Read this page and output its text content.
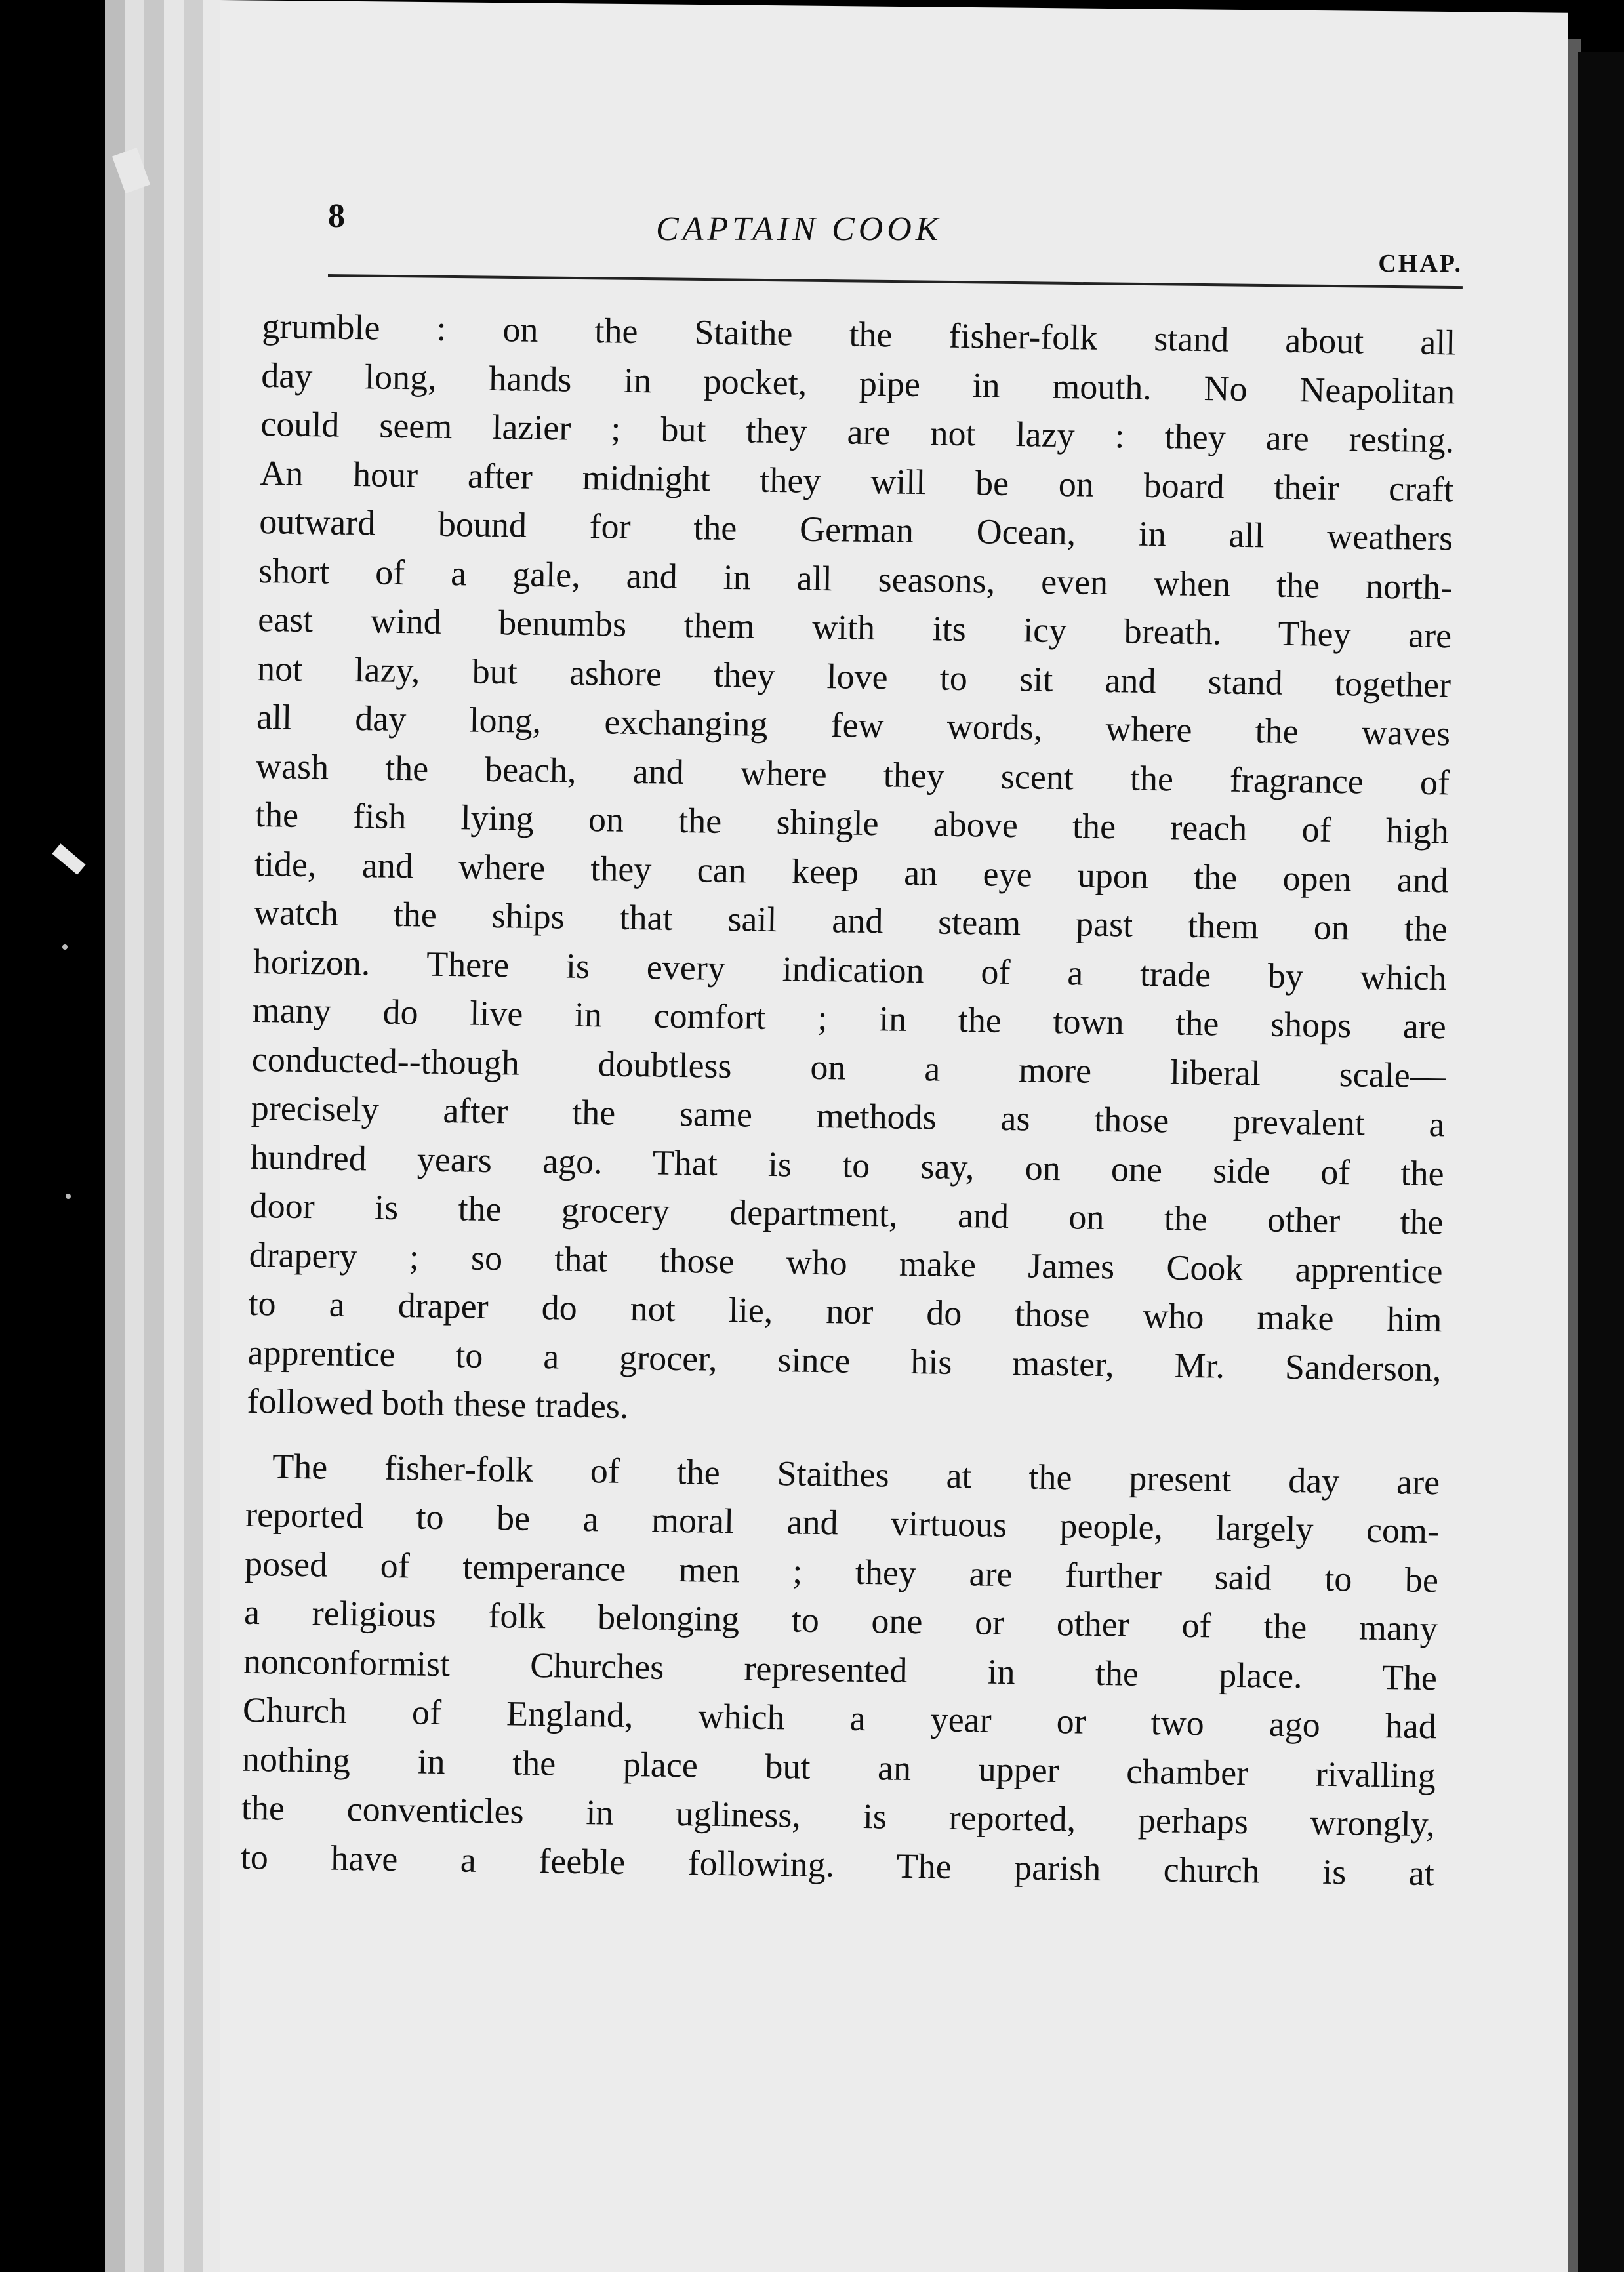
8	CAPTAIN COOK
CHAP.
grumble : on the Staithe the fisher-folk stand about all
day long, hands in pocket, pipe in mouth. No Neapolitan
could seem lazier ; but they are not lazy : they are resting.
An hour after midnight they will be on board their craft
outward bound for the German Ocean, in all weathers
short of a gale, and in all seasons, even when the north-
east wind benumbs them with its icy breath. They are
not lazy, but ashore they love to sit and stand together
all day long, exchanging few words, where the waves
wash the beach, and where they scent the fragrance of
the fish lying on the shingle above the reach of high
tide, and where they can keep an eye upon the open and
watch the ships that sail and steam past them on the
horizon. There is every indication of a trade by which
many do live in comfort ; in the town the shops are
conducted--though doubtless on a more liberal scale—
precisely after the same methods as those prevalent a
hundred years ago. That is to say, on one side of the
door is the grocery department, and on the other the
drapery ; so that those who make James Cook apprentice
to a draper do not lie, nor do those who make him
apprentice to a grocer, since his master, Mr. Sanderson,
followed both these trades.
The fisher-folk of the Staithes at the present day are
reported to be a moral and virtuous people, largely com-
posed of temperance men ; they are further said to be
a religious folk belonging to one or other of the many
nonconformist Churches represented in the place. The
Church of England, which a year or two ago had
nothing in the place but an upper chamber rivalling
the conventicles in ugliness, is reported, perhaps wrongly,
to have a feeble following. The parish church is at
